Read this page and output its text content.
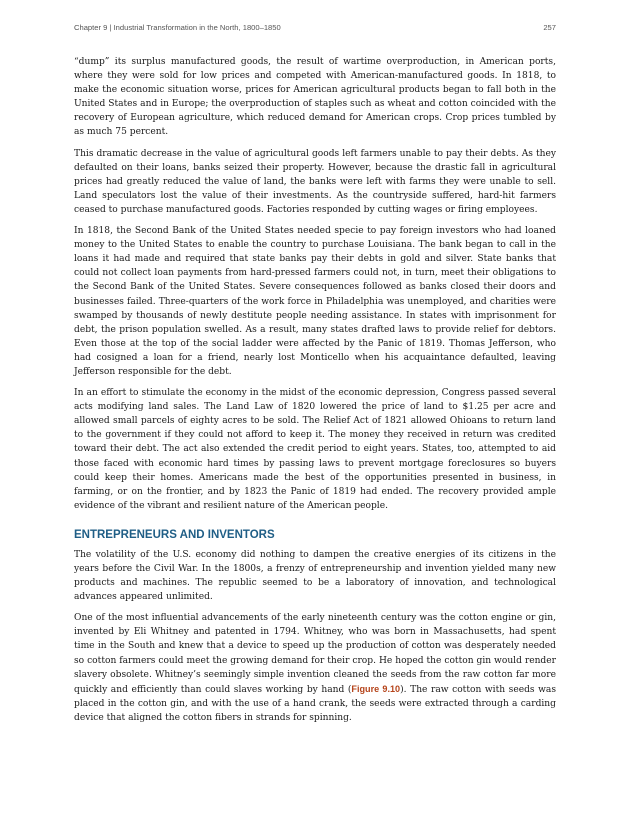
Chapter 9 | Industrial Transformation in the North, 1800–1850	257

“dump” its surplus manufactured goods, the result of wartime overproduction, in American ports, where they were sold for low prices and competed with American-manufactured goods. In 1818, to make the economic situation worse, prices for American agricultural products began to fall both in the United States and in Europe; the overproduction of staples such as wheat and cotton coincided with the recovery of European agriculture, which reduced demand for American crops. Crop prices tumbled by as much 75 percent.

This dramatic decrease in the value of agricultural goods left farmers unable to pay their debts. As they defaulted on their loans, banks seized their property. However, because the drastic fall in agricultural prices had greatly reduced the value of land, the banks were left with farms they were unable to sell. Land speculators lost the value of their investments. As the countryside suffered, hard-hit farmers ceased to purchase manufactured goods. Factories responded by cutting wages or firing employees.

In 1818, the Second Bank of the United States needed specie to pay foreign investors who had loaned money to the United States to enable the country to purchase Louisiana. The bank began to call in the loans it had made and required that state banks pay their debts in gold and silver. State banks that could not collect loan payments from hard-pressed farmers could not, in turn, meet their obligations to the Second Bank of the United States. Severe consequences followed as banks closed their doors and businesses failed. Three-quarters of the work force in Philadelphia was unemployed, and charities were swamped by thousands of newly destitute people needing assistance. In states with imprisonment for debt, the prison population swelled. As a result, many states drafted laws to provide relief for debtors. Even those at the top of the social ladder were affected by the Panic of 1819. Thomas Jefferson, who had cosigned a loan for a friend, nearly lost Monticello when his acquaintance defaulted, leaving Jefferson responsible for the debt.

In an effort to stimulate the economy in the midst of the economic depression, Congress passed several acts modifying land sales. The Land Law of 1820 lowered the price of land to $1.25 per acre and allowed small parcels of eighty acres to be sold. The Relief Act of 1821 allowed Ohioans to return land to the government if they could not afford to keep it. The money they received in return was credited toward their debt. The act also extended the credit period to eight years. States, too, attempted to aid those faced with economic hard times by passing laws to prevent mortgage foreclosures so buyers could keep their homes. Americans made the best of the opportunities presented in business, in farming, or on the frontier, and by 1823 the Panic of 1819 had ended. The recovery provided ample evidence of the vibrant and resilient nature of the American people.

ENTREPRENEURS AND INVENTORS

The volatility of the U.S. economy did nothing to dampen the creative energies of its citizens in the years before the Civil War. In the 1800s, a frenzy of entrepreneurship and invention yielded many new products and machines. The republic seemed to be a laboratory of innovation, and technological advances appeared unlimited.

One of the most influential advancements of the early nineteenth century was the cotton engine or gin, invented by Eli Whitney and patented in 1794. Whitney, who was born in Massachusetts, had spent time in the South and knew that a device to speed up the production of cotton was desperately needed so cotton farmers could meet the growing demand for their crop. He hoped the cotton gin would render slavery obsolete. Whitney’s seemingly simple invention cleaned the seeds from the raw cotton far more quickly and efficiently than could slaves working by hand (Figure 9.10). The raw cotton with seeds was placed in the cotton gin, and with the use of a hand crank, the seeds were extracted through a carding device that aligned the cotton fibers in strands for spinning.
